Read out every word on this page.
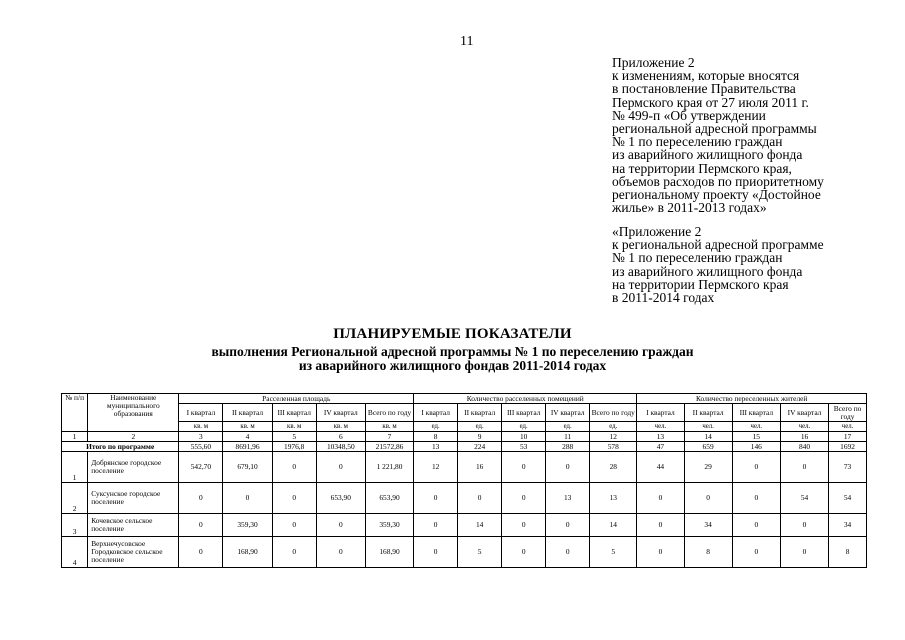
11
Приложение 2
к изменениям, которые вносятся
в постановление Правительства
Пермского края от 27 июля 2011 г.
№ 499-п «Об утверждении
региональной адресной программы
№ 1 по переселению граждан
из аварийного жилищного фонда
на территории Пермского края,
объемов расходов по приоритетному
региональному проекту «Достойное
жилье» в 2011-2013 годах»
«Приложение 2
к региональной адресной программе
№ 1 по переселению граждан
из аварийного жилищного фонда
на территории Пермского края
в 2011-2014 годах
ПЛАНИРУЕМЫЕ ПОКАЗАТЕЛИ
выполнения Региональной адресной программы № 1 по переселению граждан
из аварийного жилищного фондав 2011-2014 годах
№ п/п	Наименование муниципального образования	Расселенная площадь					Количество расселенных помещений					Количество переселенных жителей				
		I квартал	II квартал	III квартал	IV квартал	Всего по году	I квартал	II квартал	III квартал	IV квартал	Всего по году	I квартал	II квартал	III квартал	IV квартал	Всего по году
		кв. м	кв. м	кв. м	кв. м	кв. м	ед.	ед.	ед.	ед.	ед.	чел.	чел.	чел.	чел.	чел.
1	2	3	4	5	6	7	8	9	10	11	12	13	14	15	16	17
Итого по программе		555,60	8691,96	1976,8	10348,50	21572,86	13	224	53	288	578	47	659	146	840	1692
1	Добрянское городское поселение	542,70	679,10	0	0	1 221,80	12	16	0	0	28	44	29	0	0	73
2	Суксунское городское поселение	0	0	0	653,90	653,90	0	0	0	13	13	0	0	0	54	54
3	Кочевское сельское поселение	0	359,30	0	0	359,30	0	14	0	0	14	0	34	0	0	34
4	Верхнечусовское Городковское сельское поселение	0	168,90	0	0	168,90	0	5	0	0	5	0	8	0	0	8
